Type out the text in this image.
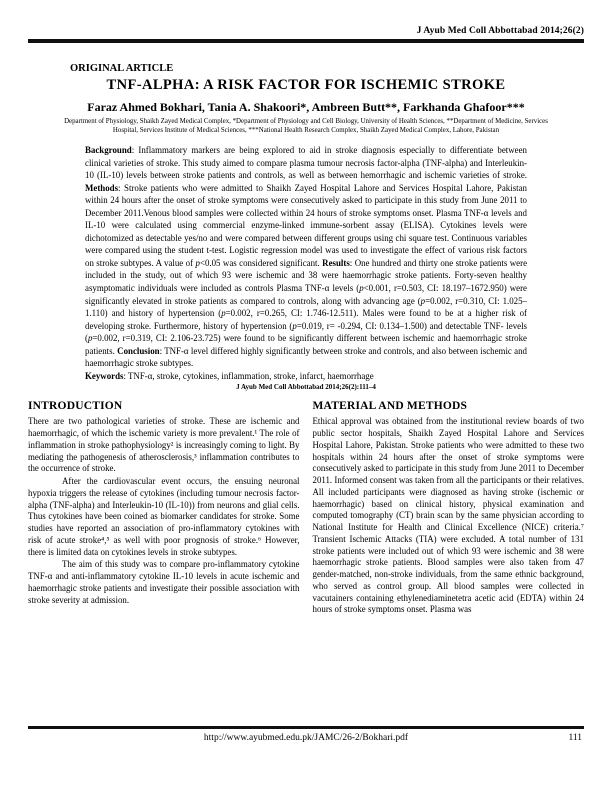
J Ayub Med Coll Abbottabad 2014;26(2)
ORIGINAL ARTICLE
TNF-ALPHA: A RISK FACTOR FOR ISCHEMIC STROKE
Faraz Ahmed Bokhari, Tania A. Shakoori*, Ambreen Butt**, Farkhanda Ghafoor***
Department of Physiology, Shaikh Zayed Medical Complex, *Department of Physiology and Cell Biology, University of Health Sciences, **Department of Medicine, Services Hospital, Services Institute of Medical Sciences, ***National Health Research Complex, Shaikh Zayed Medical Complex, Lahore, Pakistan
Background: Inflammatory markers are being explored to aid in stroke diagnosis especially to differentiate between clinical varieties of stroke. This study aimed to compare plasma tumour necrosis factor-alpha (TNF-alpha) and Interleukin-10 (IL-10) levels between stroke patients and controls, as well as between hemorrhagic and ischemic varieties of stroke. Methods: Stroke patients who were admitted to Shaikh Zayed Hospital Lahore and Services Hospital Lahore, Pakistan within 24 hours after the onset of stroke symptoms were consecutively asked to participate in this study from June 2011 to December 2011.Venous blood samples were collected within 24 hours of stroke symptoms onset. Plasma TNF-α levels and IL-10 were calculated using commercial enzyme-linked immune-sorbent assay (ELISA). Cytokines levels were dichotomized as detectable yes/no and were compared between different groups using chi square test. Continuous variables were compared using the student t-test. Logistic regression model was used to investigate the effect of various risk factors on stroke subtypes. A value of p<0.05 was considered significant. Results: One hundred and thirty one stroke patients were included in the study, out of which 93 were ischemic and 38 were haemorrhagic stroke patients. Forty-seven healthy asymptomatic individuals were included as controls Plasma TNF-α levels (p<0.001, r=0.503, CI: 18.197–1672.950) were significantly elevated in stroke patients as compared to controls, along with advancing age (p=0.002, r=0.310, CI: 1.025–1.110) and history of hypertension (p=0.002, r=0.265, CI: 1.746-12.511). Males were found to be at a higher risk of developing stroke. Furthermore, history of hypertension (p=0.019, r= -0.294, CI: 0.134–1.500) and detectable TNF- levels (p=0.002, r=0.319, CI: 2.106-23.725) were found to be significantly different between ischemic and haemorrhagic stroke patients. Conclusion: TNF-α level differed highly significantly between stroke and controls, and also between ischemic and haemorrhagic stroke subtypes.
Keywords: TNF-α, stroke, cytokines, inflammation, stroke, infarct, haemorrhage
J Ayub Med Coll Abbottabad 2014;26(2):111–4
INTRODUCTION

There are two pathological varieties of stroke. These are ischemic and haemorrhagic, of which the ischemic variety is more prevalent.¹ The role of inflammation in stroke pathophysiology² is increasingly coming to light. By mediating the pathogenesis of atherosclerosis,³ inflammation contributes to the occurrence of stroke.

After the cardiovascular event occurs, the ensuing neuronal hypoxia triggers the release of cytokines (including tumour necrosis factor-alpha (TNF-alpha) and Interleukin-10 (IL-10)) from neurons and glial cells. Thus cytokines have been coined as biomarker candidates for stroke. Some studies have reported an association of pro-inflammatory cytokines with risk of acute stroke⁴,⁵ as well with poor prognosis of stroke.⁶ However, there is limited data on cytokines levels in stroke subtypes.

The aim of this study was to compare pro-inflammatory cytokine TNF-α and anti-inflammatory cytokine IL-10 levels in acute ischemic and haemorrhagic stroke patients and investigate their possible association with stroke severity at admission.

MATERIAL AND METHODS

Ethical approval was obtained from the institutional review boards of two public sector hospitals, Shaikh Zayed Hospital Lahore and Services Hospital Lahore, Pakistan. Stroke patients who were admitted to these two hospitals within 24 hours after the onset of stroke symptoms were consecutively asked to participate in this study from June 2011 to December 2011. Informed consent was taken from all the participants or their relatives. All included participants were diagnosed as having stroke (ischemic or haemorrhagic) based on clinical history, physical examination and computed tomography (CT) brain scan by the same physician according to National Institute for Health and Clinical Excellence (NICE) criteria.⁷ Transient Ischemic Attacks (TIA) were excluded. A total number of 131 stroke patients were included out of which 93 were ischemic and 38 were haemorrhagic stroke patients. Blood samples were also taken from 47 gender-matched, non-stroke individuals, from the same ethnic background, who served as control group. All blood samples were collected in vacutainers containing ethylenediaminetetra acetic acid (EDTA) within 24 hours of stroke symptoms onset. Plasma was

http://www.ayubmed.edu.pk/JAMC/26-2/Bokhari.pdf	111
